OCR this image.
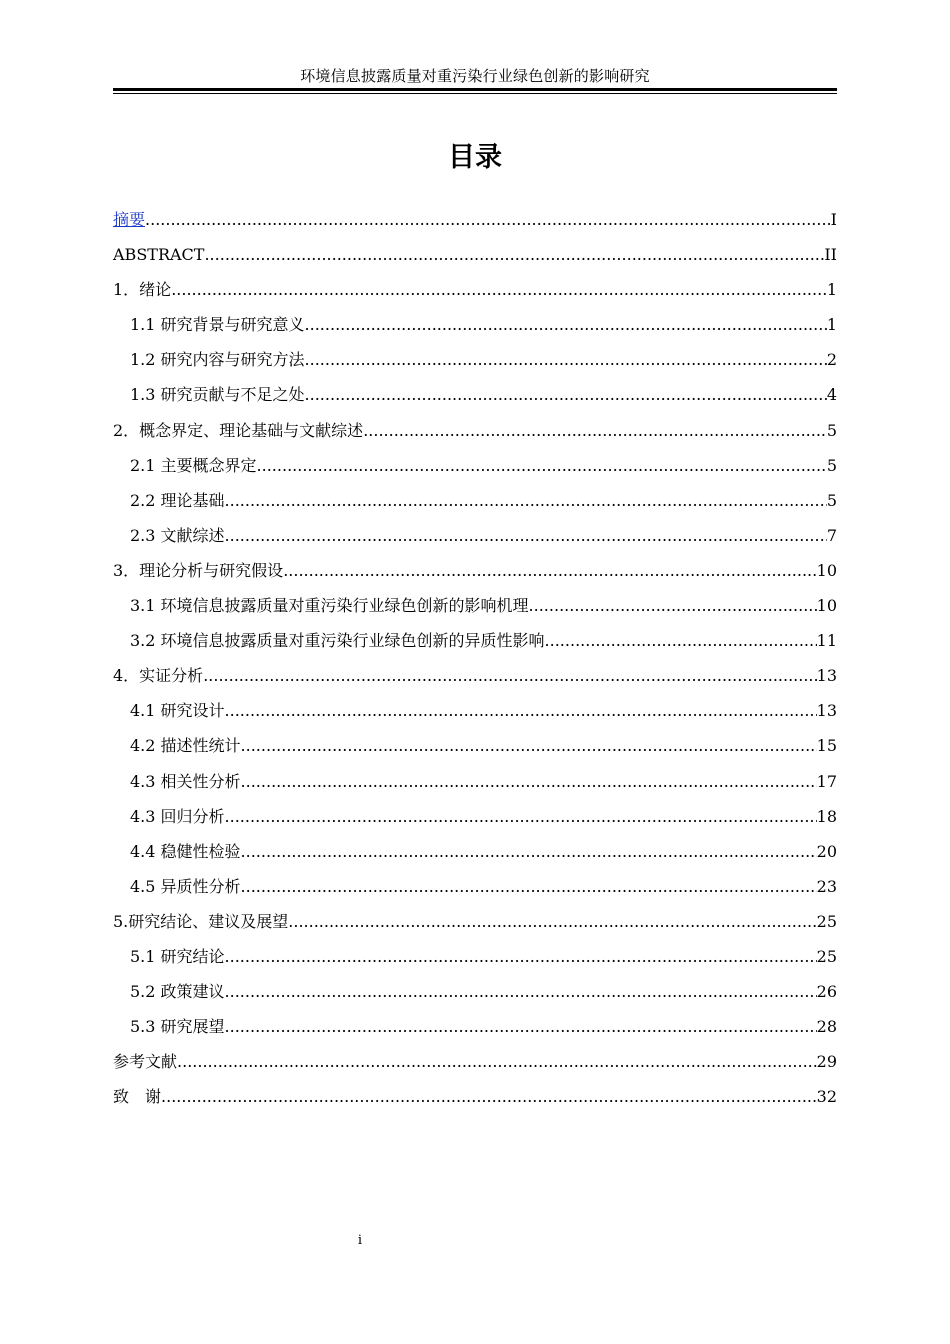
环境信息披露质量对重污染行业绿色创新的影响研究
目录
摘要 .....	I
ABSTRACT .....	II
1．绪论 .....	1
1.1 研究背景与研究意义 .....	1
1.2 研究内容与研究方法 .....	2
1.3 研究贡献与不足之处 .....	4
2．概念界定、理论基础与文献综述 .....	5
2.1 主要概念界定 .....	5
2.2 理论基础 .....	5
2.3 文献综述 .....	7
3．理论分析与研究假设 .....	10
3.1 环境信息披露质量对重污染行业绿色创新的影响机理 .....	10
3.2 环境信息披露质量对重污染行业绿色创新的异质性影响 .....	11
4．实证分析 .....	13
4.1 研究设计 .....	13
4.2 描述性统计 .....	15
4.3 相关性分析 .....	17
4.3 回归分析 .....	18
4.4 稳健性检验 .....	20
4.5 异质性分析 .....	23
5.研究结论、建议及展望 .....	25
5.1 研究结论 .....	25
5.2 政策建议 .....	26
5.3 研究展望 .....	28
参考文献 .....	29
致　谢 .....	32
i
